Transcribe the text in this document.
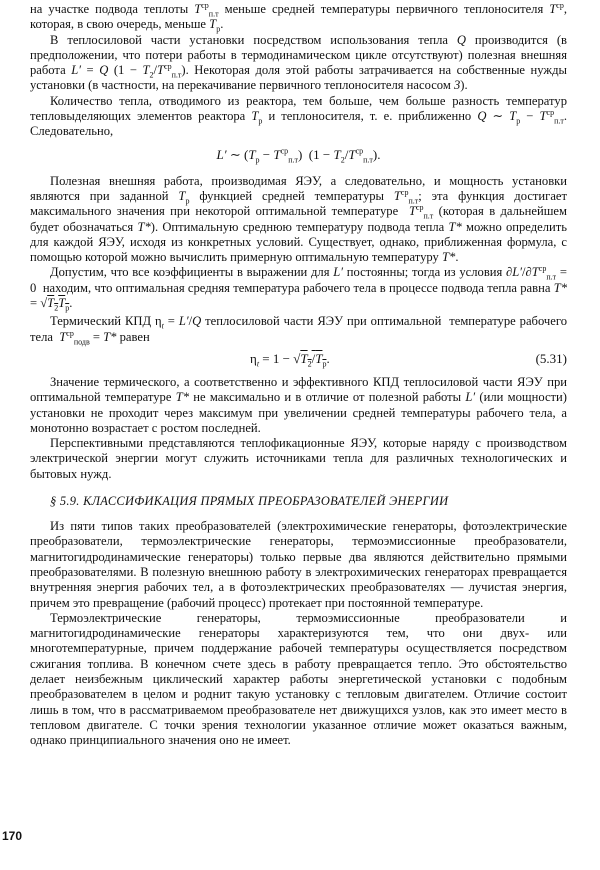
на участке подвода теплоты $T^{ср}_{п.т}$ меньше средней температуры первичного теплоносителя $T^{ср}$, которая, в свою очередь, меньше $T_р$.

В теплосиловой части установки посредством использования тепла Q производится (в предположении, что потери работы в термодинамическом цикле отсутствуют) полезная внешняя работа L′ = Q $(1 - T_2/T^{ср}_{п.т})$. Некоторая доля этой работы затрачивается на собственные нужды установки (в частности, на перекачивание первичного теплоносителя насосом 3).

Количество тепла, отводимого из реактора, тем больше, чем больше разность температур тепловыделяющих элементов реактора $T_р$ и теплоносителя, т. е. приближенно Q ∼ $T_р - T^{ср}_{п.т}$. Следовательно,

L′ ∼ $(T_р - T^{ср}_{п.т}) (1 - T_2/T^{ср}_{п.т})$.

Полезная внешняя работа, производимая ЯЭУ, а следовательно, и мощность установки являются при заданной $T_р$ функцией средней температуры $T^{ср}_{п.т}$; эта функция достигает максимального значения при некоторой оптимальной температуре  $T^{ср}_{п.т}$ (которая в дальнейшем будет обозначаться T*). Оптимальную среднюю температуру подвода тепла T* можно определить для каждой ЯЭУ, исходя из конкретных условий. Существует, однако, приближенная формула, с помощью которой можно вычислить примерную оптимальную температуру T*.

Допустим, что все коэффициенты в выражении для L′ постоянны; тогда из условия $\partial L'/\partial T^{ср}_{п.т} = 0$  находим, что оптимальная средняя температура рабочего тела в процессе подвода тепла равна $T* = √T_2T_р$.

Термический КПД $\eta_t = L'/Q$ теплосиловой части ЯЭУ при оптимальной  температуре рабочего тела  $T^{ср}_{подв} = T*$ равен

$\eta_t = 1 - √T_2/T_р$.	(5.31)

Значение термического, а соответственно и эффективного КПД теплосиловой части ЯЭУ при оптимальной температуре T* не максимально и в отличие от полезной работы L′ (или мощности) установки не проходит через максимум при увеличении средней температуры рабочего тела, а монотонно возрастает с ростом последней.

Перспективными представляются теплофикационные ЯЭУ, которые наряду с производством электрической энергии могут служить источниками тепла для различных технологических и бытовых нужд.

§ 5.9. КЛАССИФИКАЦИЯ ПРЯМЫХ ПРЕОБРАЗОВАТЕЛЕЙ ЭНЕРГИИ

Из пяти типов таких преобразователей (электрохимические генераторы, фотоэлектрические преобразователи, термоэлектрические генераторы, термоэмиссионные преобразователи, магнитогидродинамические генераторы) только первые два являются действительно прямыми преобразователями. В полезную внешнюю работу в электрохимических генераторах превращается внутренняя энергия рабочих тел, а в фотоэлектрических преобразователях — лучистая энергия, причем это превращение (рабочий процесс) протекает при постоянной температуре.

Термоэлектрические генераторы, термоэмиссионные преобразователи и магнитогидродинамические генераторы характеризуются тем, что они двух- или многотемпературные, причем поддержание рабочей температуры осуществляется посредством сжигания топлива. В конечном счете здесь в работу превращается тепло. Это обстоятельство делает неизбежным циклический характер работы энергетической установки с подобным преобразователем в целом и роднит такую установку с тепловым двигателем. Отличие состоит лишь в том, что в рассматриваемом преобразователе нет движущихся узлов, как это имеет место в тепловом двигателе. С точки зрения технологии указанное отличие может оказаться важным, однако принципиального значения оно не имеет.

170
